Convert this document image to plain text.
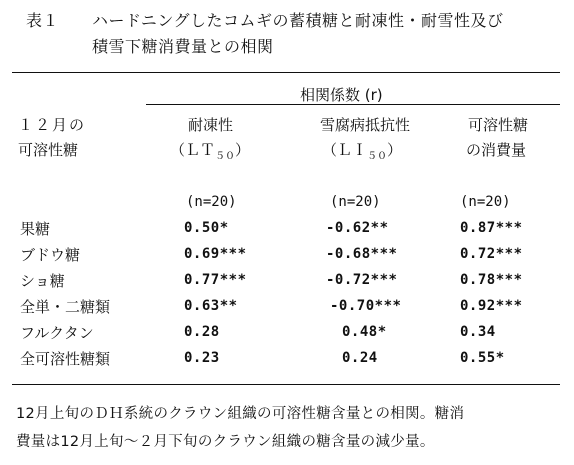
表１　　ハードニングしたコムギの蓄積糖と耐凍性・耐雪性及び
積雪下糖消費量との相関
相関係数 (r)
１２月の
可溶性糖
耐凍性
（ＬＴ$_{50}$）
雪腐病抵抗性
（ＬＩ$_{50}$）
可溶性糖
の消費量
(n=20)	(n=20)	(n=20)
果糖	0.50*	-0.62**	0.87***
ブドウ糖	0.69***	-0.68***	0.72***
ショ糖	0.77***	-0.72***	0.78***
全単・二糖類	0.63**	-0.70***	0.92***
フルクタン	0.28	0.48*	0.34
全可溶性糖類	0.23	0.24	0.55*
12月上旬のＤＨ系統のクラウン組織の可溶性糖含量との相関。糖消
費量は12月上旬～２月下旬のクラウン組織の糖含量の減少量。
